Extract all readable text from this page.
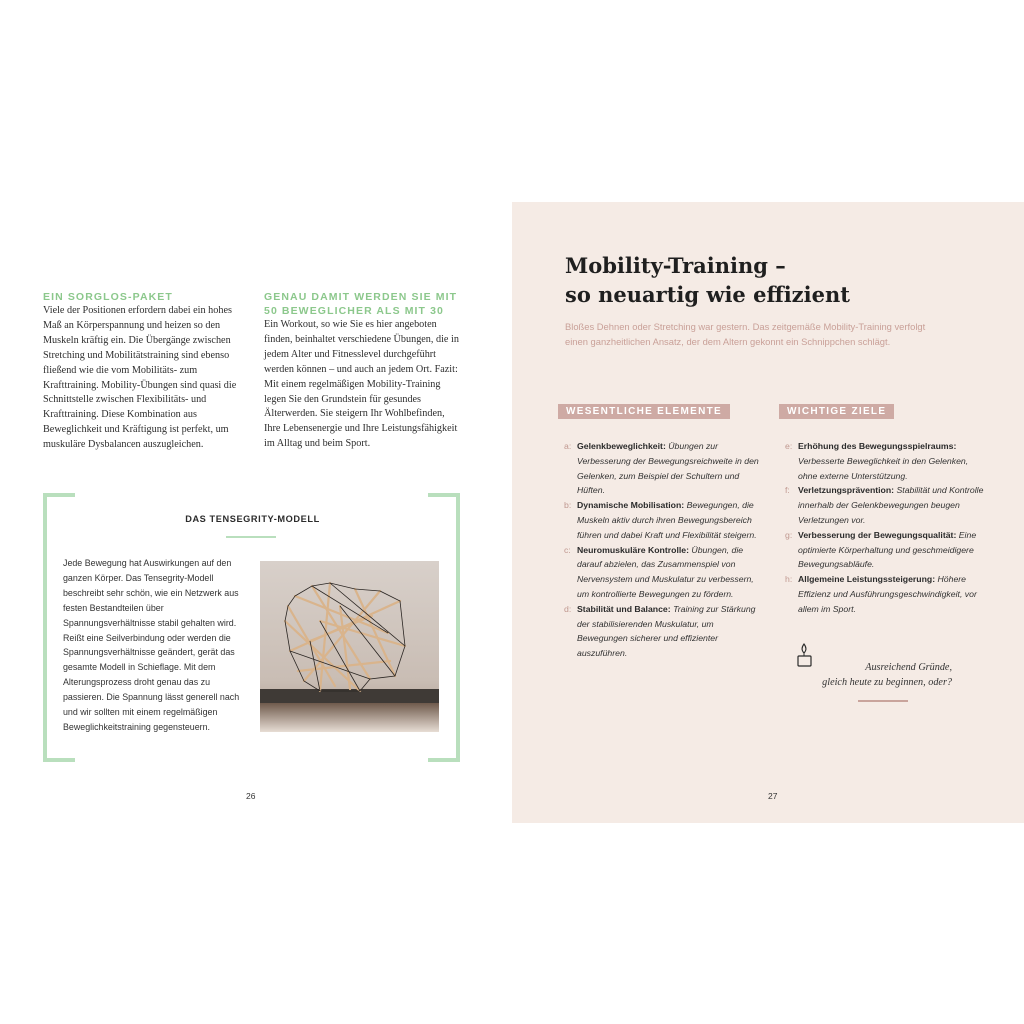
EIN SORGLOS-PAKET
Viele der Positionen erfordern dabei ein hohes Maß an Körperspannung und heizen so den Muskeln kräftig ein. Die Übergänge zwischen Stretching und Mobilitätstraining sind ebenso fließend wie die vom Mobilitäts- zum Krafttraining. Mobility-Übungen sind quasi die Schnittstelle zwischen Flexibilitäts- und Krafttraining. Diese Kombination aus Beweglichkeit und Kräftigung ist perfekt, um muskuläre Dysbalancen auszugleichen.
GENAU DAMIT WERDEN SIE MIT 50 BEWEGLICHER ALS MIT 30
Ein Workout, so wie Sie es hier angeboten finden, beinhaltet verschiedene Übungen, die in jedem Alter und Fitnesslevel durchgeführt werden können – und auch an jedem Ort. Fazit: Mit einem regelmäßigen Mobility-Training legen Sie den Grundstein für gesundes Älterwerden. Sie steigern Ihr Wohlbefinden, Ihre Lebensenergie und Ihre Leistungsfähigkeit im Alltag und beim Sport.
DAS TENSEGRITY-MODELL
Jede Bewegung hat Auswirkungen auf den ganzen Körper. Das Tensegrity-Modell beschreibt sehr schön, wie ein Netzwerk aus festen Bestandteilen über Spannungsverhältnisse stabil gehalten wird. Reißt eine Seilverbindung oder werden die Spannungsverhältnisse geändert, gerät das gesamte Modell in Schieflage. Mit dem Alterungsprozess droht genau das zu passieren. Die Spannung lässt generell nach und wir sollten mit einem regelmäßigen Beweglichkeitstraining gegensteuern.
26
Mobility-Training –
so neuartig wie effizient
Bloßes Dehnen oder Stretching war gestern. Das zeitgemäße Mobility-Training verfolgt einen ganzheitlichen Ansatz, der dem Altern gekonnt ein Schnippchen schlägt.
WESENTLICHE ELEMENTE	WICHTIGE ZIELE
a: Gelenkbeweglichkeit: Übungen zur Verbesserung der Bewegungsreichweite in den Gelenken, zum Beispiel der Schultern und Hüften.
b: Dynamische Mobilisation: Bewegungen, die Muskeln aktiv durch ihren Bewegungsbereich führen und dabei Kraft und Flexibilität steigern.
c: Neuromuskuläre Kontrolle: Übungen, die darauf abzielen, das Zusammenspiel von Nervensystem und Muskulatur zu verbessern, um kontrollierte Bewegungen zu fördern.
d: Stabilität und Balance: Training zur Stärkung der stabilisierenden Muskulatur, um Bewegungen sicherer und effizienter auszuführen.
e: Erhöhung des Bewegungsspielraums: Verbesserte Beweglichkeit in den Gelenken, ohne externe Unterstützung.
f: Verletzungsprävention: Stabilität und Kontrolle innerhalb der Gelenkbewegungen beugen Verletzungen vor.
g: Verbesserung der Bewegungsqualität: Eine optimierte Körperhaltung und geschmeidigere Bewegungsabläufe.
h: Allgemeine Leistungssteigerung: Höhere Effizienz und Ausführungsgeschwindigkeit, vor allem im Sport.
Ausreichend Gründe,
gleich heute zu beginnen, oder?
27
